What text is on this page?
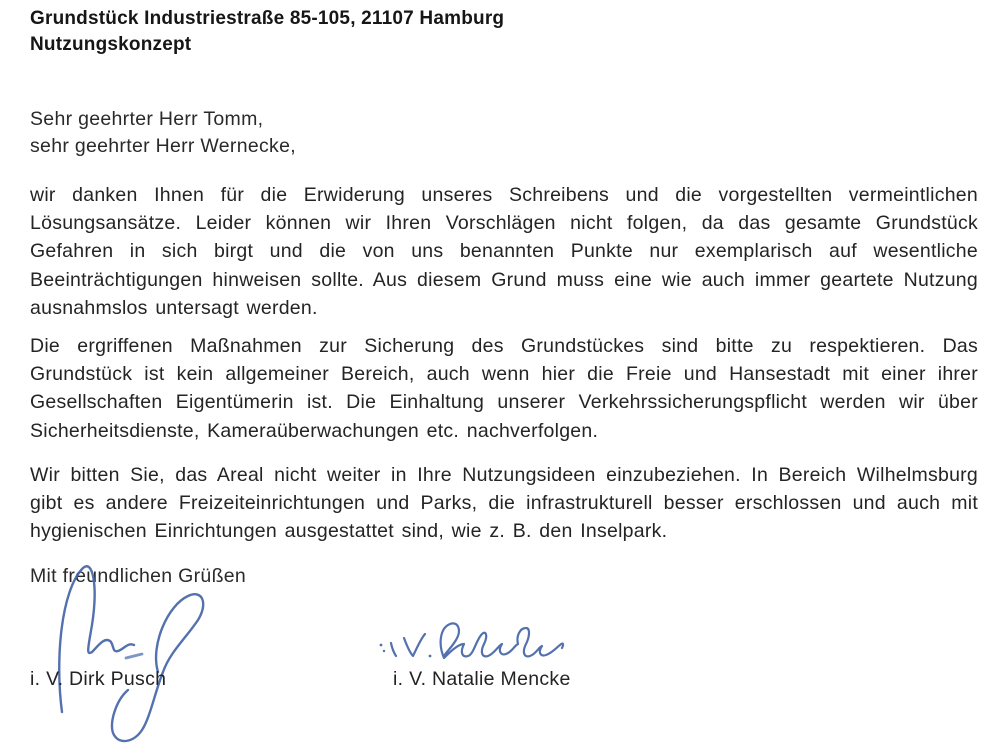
Grundstück Industriestraße 85-105, 21107 Hamburg
Nutzungskonzept
Sehr geehrter Herr Tomm,
sehr geehrter Herr Wernecke,

wir danken Ihnen für die Erwiderung unseres Schreibens und die vorgestellten vermeintlichen Lösungsansätze. Leider können wir Ihren Vorschlägen nicht folgen, da das gesamte Grundstück Gefahren in sich birgt und die von uns benannten Punkte nur exemplarisch auf wesentliche Beeinträchtigungen hinweisen sollte. Aus diesem Grund muss eine wie auch immer geartete Nutzung ausnahmslos untersagt werden.

Die ergriffenen Maßnahmen zur Sicherung des Grundstückes sind bitte zu respektieren. Das Grundstück ist kein allgemeiner Bereich, auch wenn hier die Freie und Hansestadt mit einer ihrer Gesellschaften Eigentümerin ist. Die Einhaltung unserer Verkehrssicherungspflicht werden wir über Sicherheitsdienste, Kameraüberwachungen etc. nachverfolgen.

Wir bitten Sie, das Areal nicht weiter in Ihre Nutzungsideen einzubeziehen. In Bereich Wilhelmsburg gibt es andere Freizeiteinrichtungen und Parks, die infrastrukturell besser erschlossen und auch mit hygienischen Einrichtungen ausgestattet sind, wie z. B. den Inselpark.

Mit freundlichen Grüßen
i. V. Dirk Pusch	i. V. Natalie Mencke
